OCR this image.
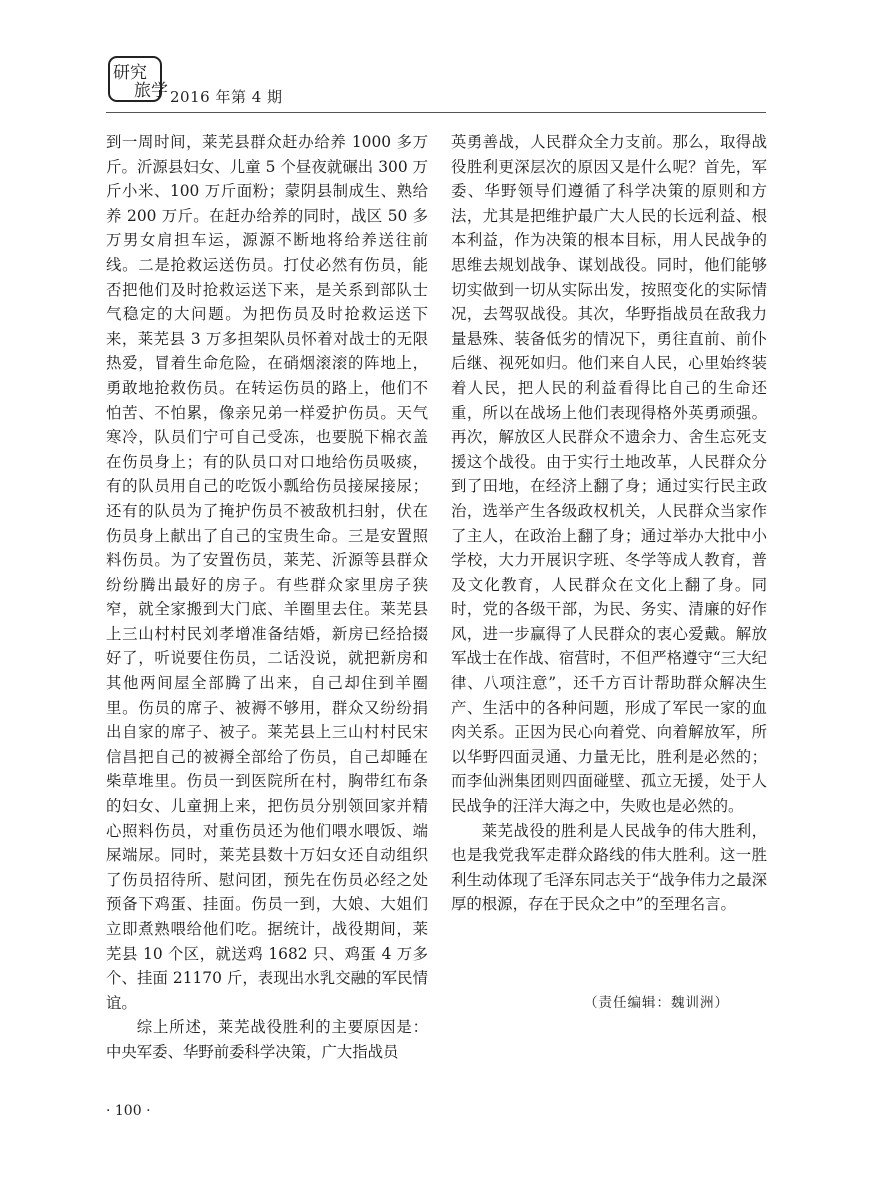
研究
旅学 2016 年第 4 期

到一周时间，莱芜县群众赶办给养 1000 多万斤。沂源县妇女、儿童 5 个昼夜就碾出 300 万斤小米、100 万斤面粉；蒙阴县制成生、熟给养 200 万斤。在赶办给养的同时，战区 50 多万男女肩担车运，源源不断地将给养送往前线。二是抢救运送伤员。打仗必然有伤员，能否把他们及时抢救运送下来，是关系到部队士气稳定的大问题。为把伤员及时抢救运送下来，莱芜县 3 万多担架队员怀着对战士的无限热爱，冒着生命危险，在硝烟滚滚的阵地上，勇敢地抢救伤员。在转运伤员的路上，他们不怕苦、不怕累，像亲兄弟一样爱护伤员。天气寒冷，队员们宁可自己受冻，也要脱下棉衣盖在伤员身上；有的队员口对口地给伤员吸痰，有的队员用自己的吃饭小瓢给伤员接屎接尿；还有的队员为了掩护伤员不被敌机扫射，伏在伤员身上献出了自己的宝贵生命。三是安置照料伤员。为了安置伤员，莱芜、沂源等县群众纷纷腾出最好的房子。有些群众家里房子狭窄，就全家搬到大门底、羊圈里去住。莱芜县上三山村村民刘孝增准备结婚，新房已经拾掇好了，听说要住伤员，二话没说，就把新房和其他两间屋全部腾了出来，自己却住到羊圈里。伤员的席子、被褥不够用，群众又纷纷捐出自家的席子、被子。莱芜县上三山村村民宋信昌把自己的被褥全部给了伤员，自己却睡在柴草堆里。伤员一到医院所在村，胸带红布条的妇女、儿童拥上来，把伤员分别领回家并精心照料伤员，对重伤员还为他们喂水喂饭、端屎端尿。同时，莱芜县数十万妇女还自动组织了伤员招待所、慰问团，预先在伤员必经之处预备下鸡蛋、挂面。伤员一到，大娘、大姐们立即煮熟喂给他们吃。据统计，战役期间，莱芜县 10 个区，就送鸡 1682 只、鸡蛋 4 万多个、挂面 21170 斤，表现出水乳交融的军民情谊。

综上所述，莱芜战役胜利的主要原因是：中央军委、华野前委科学决策，广大指战员

英勇善战，人民群众全力支前。那么，取得战役胜利更深层次的原因又是什么呢？首先，军委、华野领导们遵循了科学决策的原则和方法，尤其是把维护最广大人民的长远利益、根本利益，作为决策的根本目标，用人民战争的思维去规划战争、谋划战役。同时，他们能够切实做到一切从实际出发，按照变化的实际情况，去驾驭战役。其次，华野指战员在敌我力量悬殊、装备低劣的情况下，勇往直前、前仆后继、视死如归。他们来自人民，心里始终装着人民，把人民的利益看得比自己的生命还重，所以在战场上他们表现得格外英勇顽强。再次，解放区人民群众不遗余力、舍生忘死支援这个战役。由于实行土地改革，人民群众分到了田地，在经济上翻了身；通过实行民主政治，选举产生各级政权机关，人民群众当家作了主人，在政治上翻了身；通过举办大批中小学校，大力开展识字班、冬学等成人教育，普及文化教育，人民群众在文化上翻了身。同时，党的各级干部，为民、务实、清廉的好作风，进一步赢得了人民群众的衷心爱戴。解放军战士在作战、宿营时，不但严格遵守“三大纪律、八项注意”，还千方百计帮助群众解决生产、生活中的各种问题，形成了军民一家的血肉关系。正因为民心向着党、向着解放军，所以华野四面灵通、力量无比，胜利是必然的；而李仙洲集团则四面碰壁、孤立无援，处于人民战争的汪洋大海之中，失败也是必然的。

莱芜战役的胜利是人民战争的伟大胜利，也是我党我军走群众路线的伟大胜利。这一胜利生动体现了毛泽东同志关于“战争伟力之最深厚的根源，存在于民众之中”的至理名言。

（责任编辑：魏训洲）
· 100 ·
